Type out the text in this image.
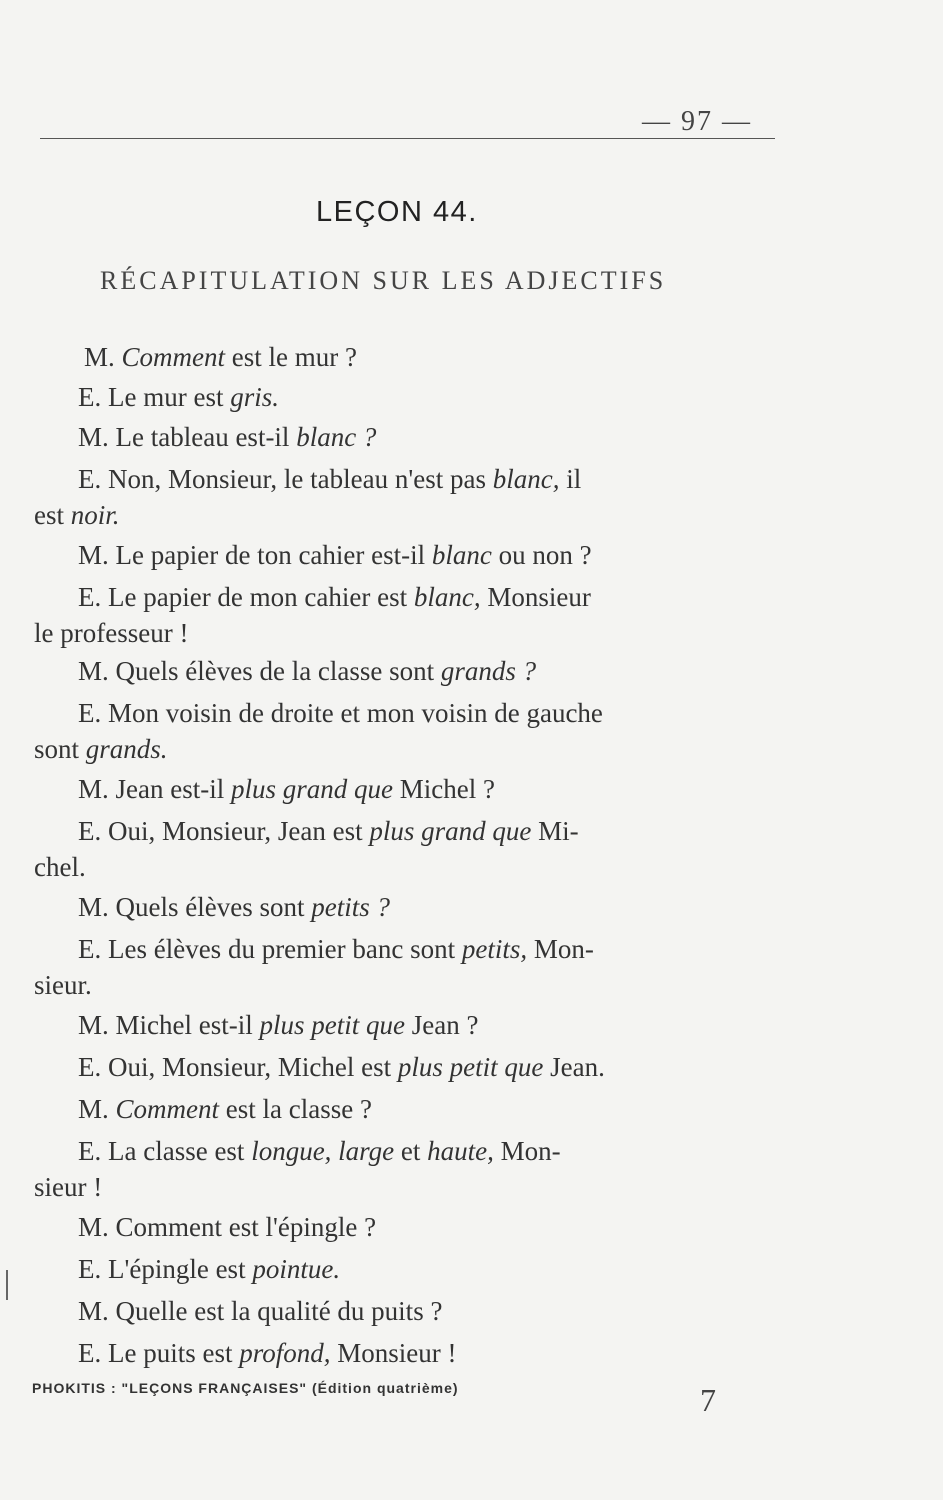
— 97 —
LEÇON 44.
RÉCAPITULATION SUR LES ADJECTIFS
M. Comment est le mur ?
E. Le mur est gris.
M. Le tableau est-il blanc ?
E. Non, Monsieur, le tableau n'est pas blanc, il
est noir.
M. Le papier de ton cahier est-il blanc ou non ?
E. Le papier de mon cahier est blanc, Monsieur
le professeur !
M. Quels élèves de la classe sont grands ?
E. Mon voisin de droite et mon voisin de gauche
sont grands.
M. Jean est-il plus grand que Michel ?
E. Oui, Monsieur, Jean est plus grand que Mi-
chel.
M. Quels élèves sont petits ?
E. Les élèves du premier banc sont petits, Mon-
sieur.
M. Michel est-il plus petit que Jean ?
E. Oui, Monsieur, Michel est plus petit que Jean.
M. Comment est la classe ?
E. La classe est longue, large et haute, Mon-
sieur !
M. Comment est l'épingle ?
E. L'épingle est pointue.
M. Quelle est la qualité du puits ?
E. Le puits est profond, Monsieur !
PHOKITIS : "LEÇONS FRANÇAISES" (Édition quatrième)	7
